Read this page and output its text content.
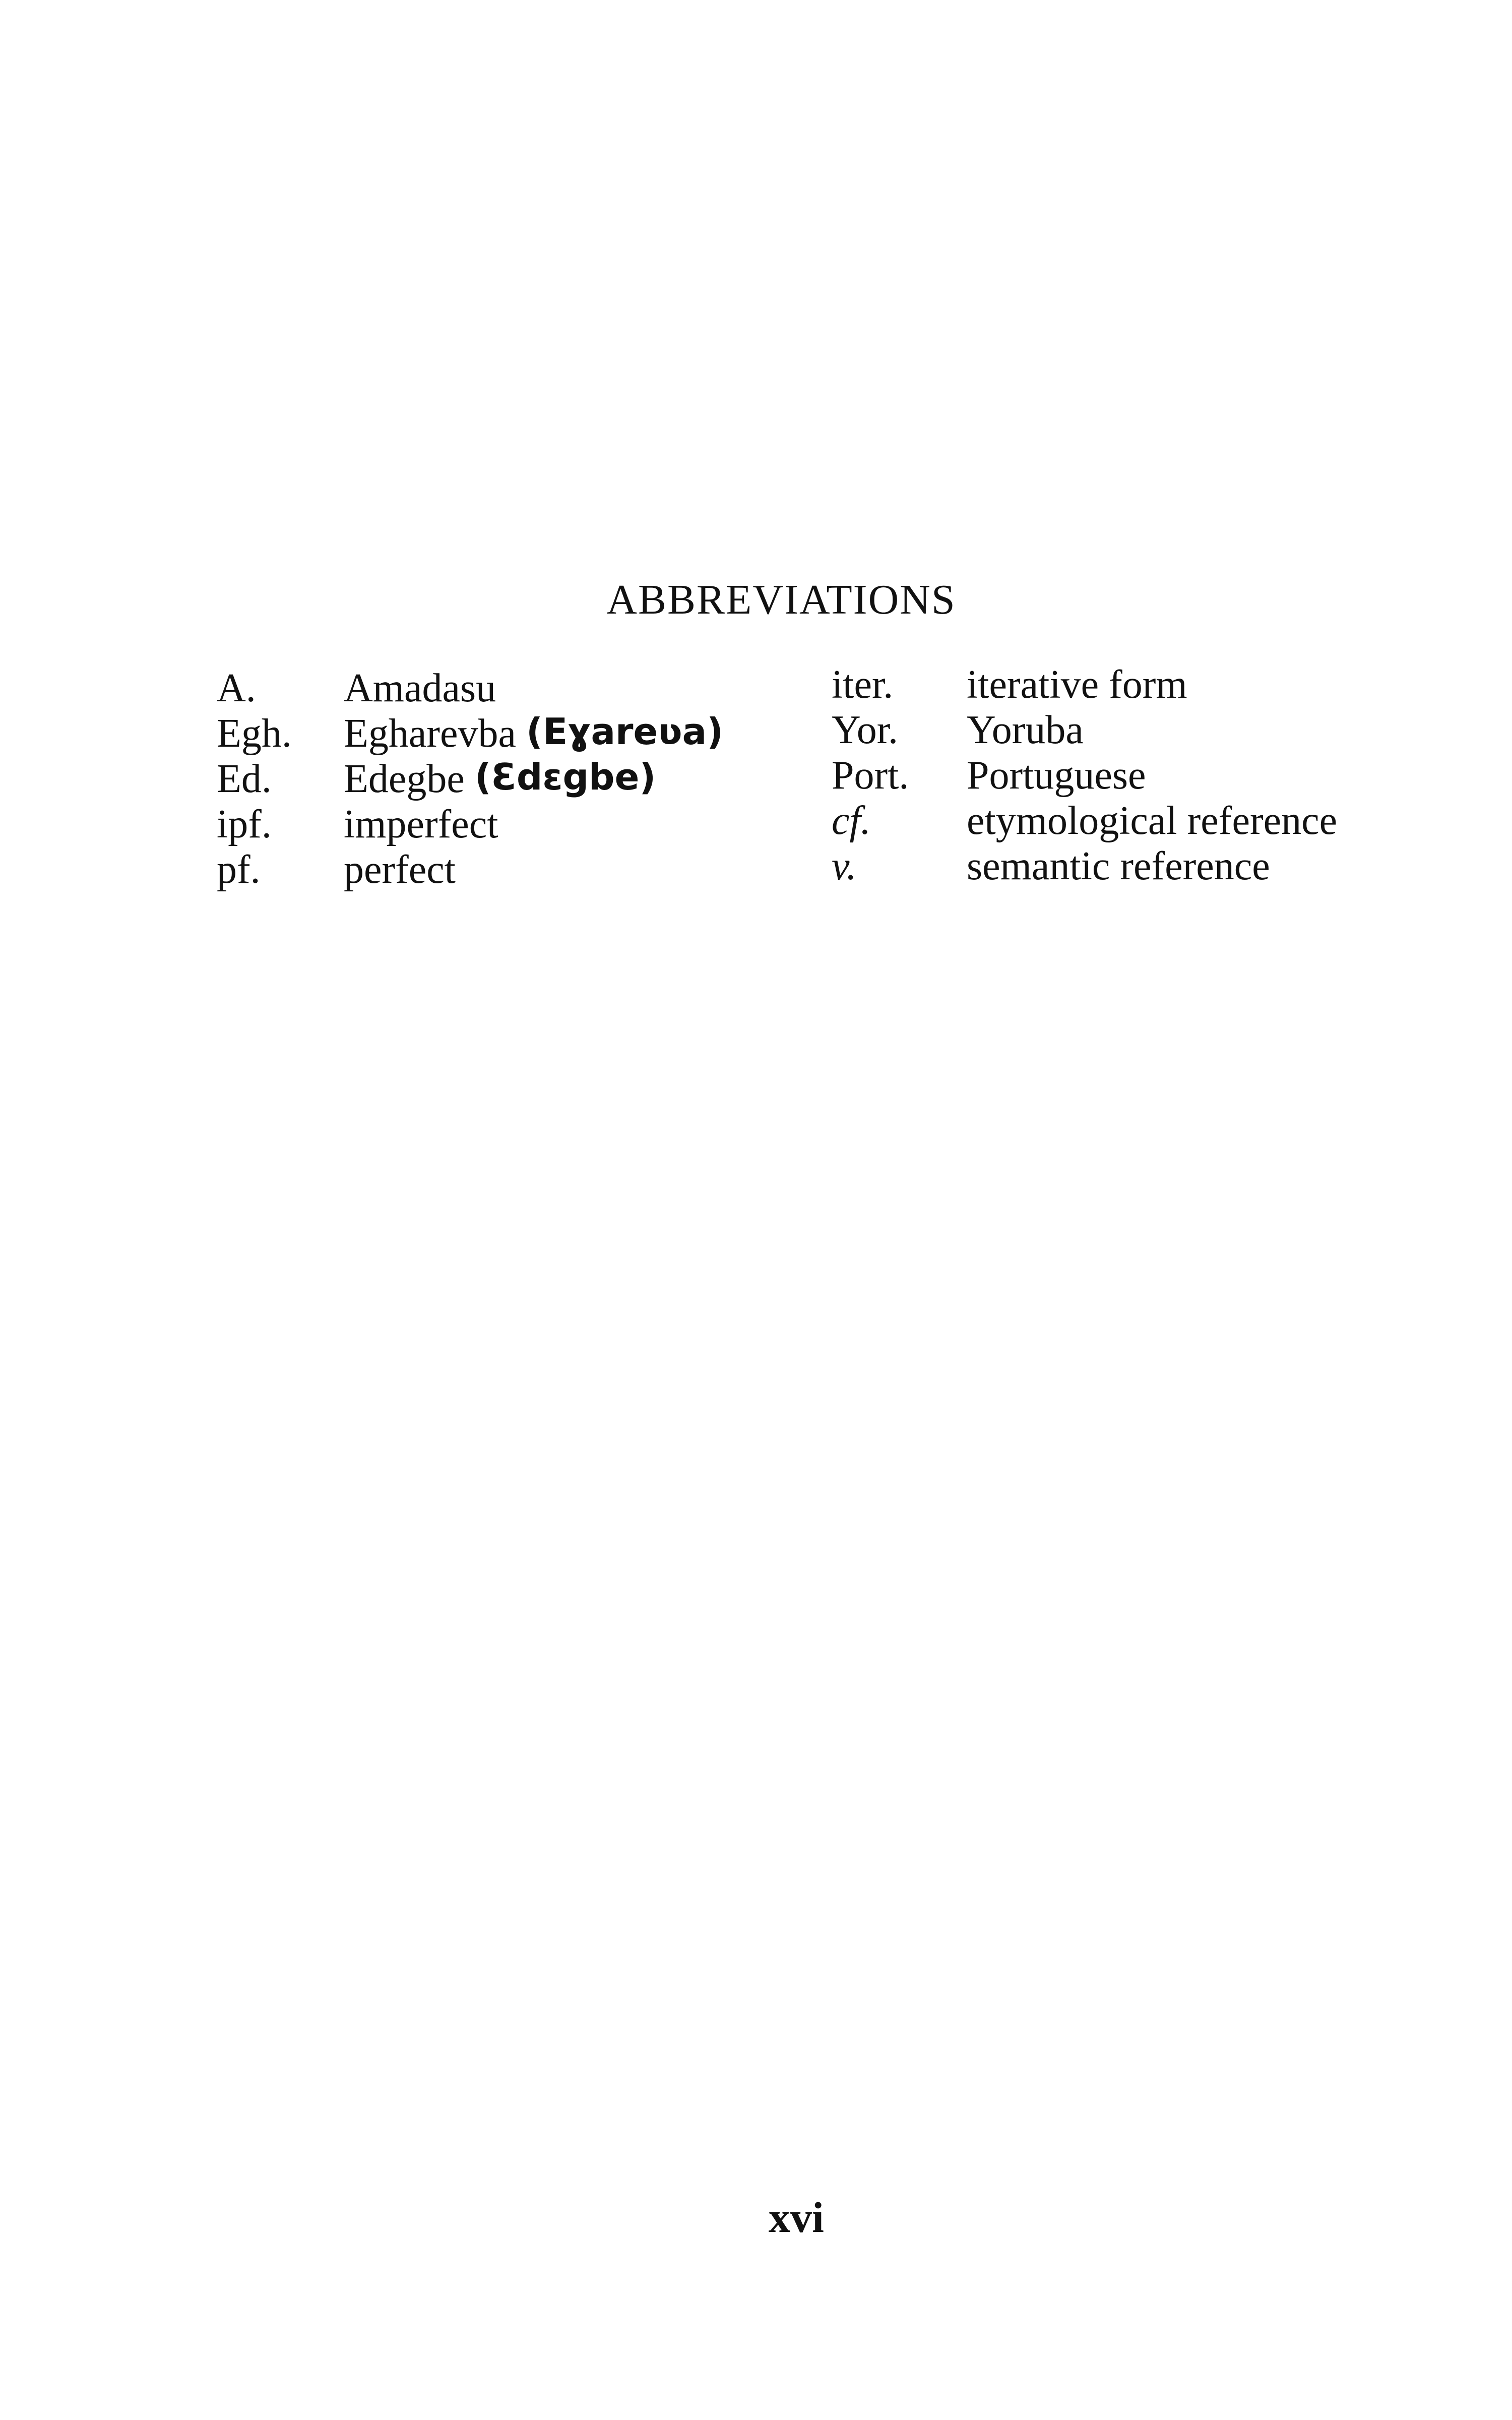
ABBREVIATIONS
A.	Amadasu
Egh.	Egharevba
(Eɣareʋa)
Ed.	Edegbe
(Ɛdɛgbe)
ipf.	imperfect
pf.	perfect
iter.	iterative form
Yor.	Yoruba
Port.	Portuguese
cf.	etymological reference
v.	semantic reference
xvi
